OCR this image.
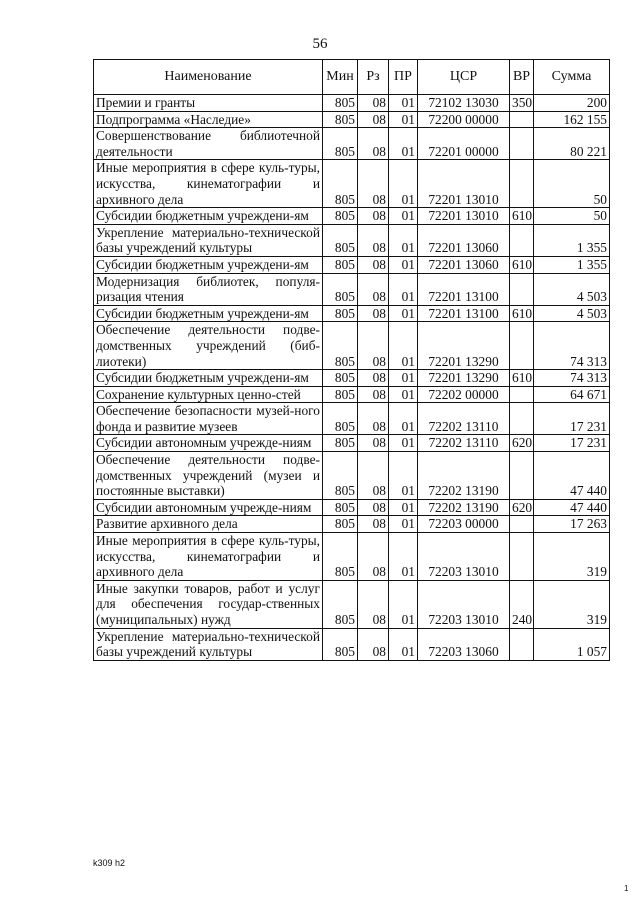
56
Наименование	Мин	Рз	ПР	ЦСР	ВР	Сумма
Премии и гранты	805	08	01	72102 13030	350	200
Подпрограмма «Наследие»	805	08	01	72200 00000		162 155
Совершенствование библиотечной деятельности	805	08	01	72201 00000		80 221
Иные мероприятия в сфере куль-туры, искусства, кинематографии и архивного дела	805	08	01	72201 13010		50
Субсидии бюджетным учреждени-ям	805	08	01	72201 13010	610	50
Укрепление материально-технической базы учреждений культуры	805	08	01	72201 13060		1 355
Субсидии бюджетным учреждени-ям	805	08	01	72201 13060	610	1 355
Модернизация библиотек, популя-ризация чтения	805	08	01	72201 13100		4 503
Субсидии бюджетным учреждени-ям	805	08	01	72201 13100	610	4 503
Обеспечение деятельности подве-домственных учреждений (биб-лиотеки)	805	08	01	72201 13290		74 313
Субсидии бюджетным учреждени-ям	805	08	01	72201 13290	610	74 313
Сохранение культурных ценно-стей	805	08	01	72202 00000		64 671
Обеспечение безопасности музей-ного фонда и развитие музеев	805	08	01	72202 13110		17 231
Субсидии автономным учрежде-ниям	805	08	01	72202 13110	620	17 231
Обеспечение деятельности подве-домственных учреждений (музеи и постоянные выставки)	805	08	01	72202 13190		47 440
Субсидии автономным учрежде-ниям	805	08	01	72202 13190	620	47 440
Развитие архивного дела	805	08	01	72203 00000		17 263
Иные мероприятия в сфере куль-туры, искусства, кинематографии и архивного дела	805	08	01	72203 13010		319
Иные закупки товаров, работ и услуг для обеспечения государ-ственных (муниципальных) нужд	805	08	01	72203 13010	240	319
Укрепление материально-технической базы учреждений культуры	805	08	01	72203 13060		1 057
k309 h2
1
